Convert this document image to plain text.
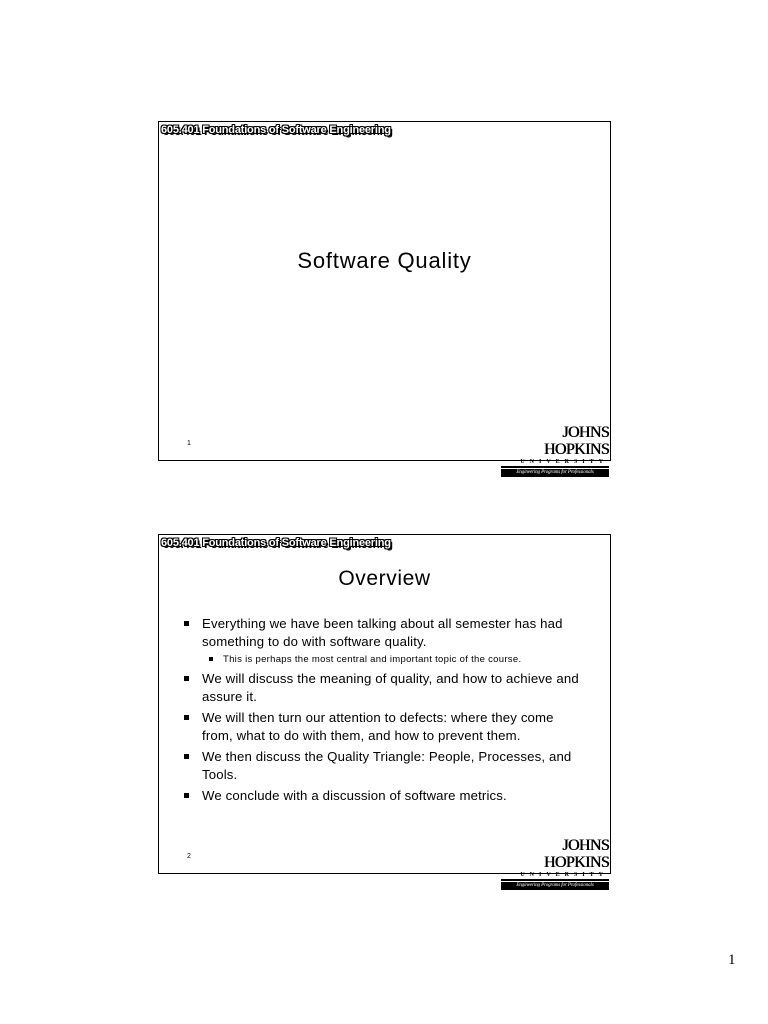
605.401 Foundations of Software Engineering
Software Quality
1
JOHNS HOPKINS
UNIVERSITY
Engineering Programs for Professionals
605.401 Foundations of Software Engineering
Overview
Everything we have been talking about all semester has had something to do with software quality.
This is perhaps the most central and important topic of the course.
We will discuss the meaning of quality, and how to achieve and assure it.
We will then turn our attention to defects: where they come from, what to do with them, and how to prevent them.
We then discuss the Quality Triangle: People, Processes, and Tools.
We conclude with a discussion of software metrics.
2
JOHNS HOPKINS
UNIVERSITY
Engineering Programs for Professionals
1
